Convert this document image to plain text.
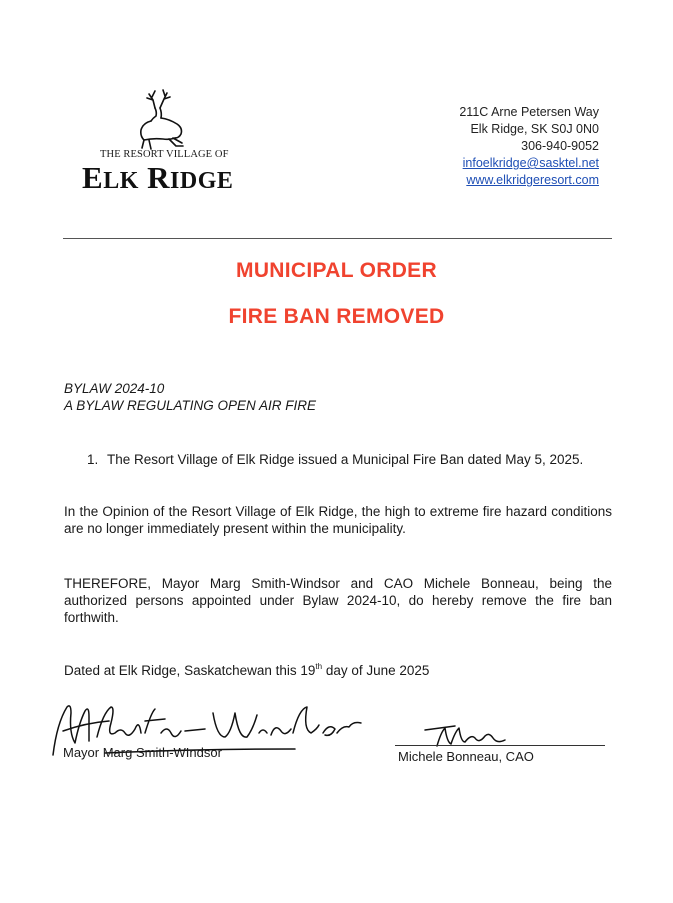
THE RESORT VILLAGE OF
ELK RIDGE
211C Arne Petersen Way
Elk Ridge, SK S0J 0N0
306-940-9052
infoelkridge@sasktel.net
www.elkridgeresort.com
MUNICIPAL ORDER
FIRE BAN REMOVED
BYLAW 2024-10
A BYLAW REGULATING OPEN AIR FIRE
1. The Resort Village of Elk Ridge issued a Municipal Fire Ban dated May 5, 2025.
In the Opinion of the Resort Village of Elk Ridge, the high to extreme fire hazard conditions are no longer immediately present within the municipality.
THEREFORE, Mayor Marg Smith-Windsor and CAO Michele Bonneau, being the authorized persons appointed under Bylaw 2024-10, do hereby remove the fire ban forthwith.
Dated at Elk Ridge, Saskatchewan this 19th day of June 2025
Mayor Marg Smith-WIndsor	Michele Bonneau, CAO
